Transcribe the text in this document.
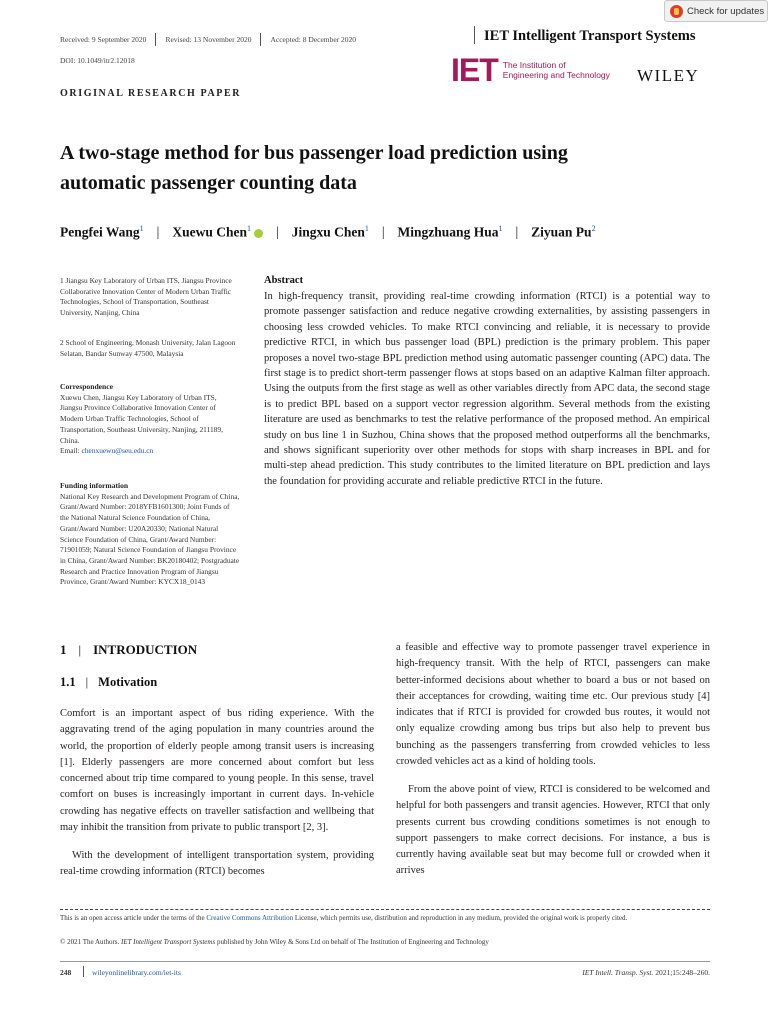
Check for updates
Received: 9 September 2020	Revised: 13 November 2020	Accepted: 8 December 2020
DOI: 10.1049/itr2.12018
IET Intelligent Transport Systems
IET The Institution of
Engineering and Technology WILEY
ORIGINAL RESEARCH PAPER
A two-stage method for bus passenger load prediction using
automatic passenger counting data
Pengfei Wang$^1$ | Xuewu Chen$^1$	| Jingxu Chen$^1$ | Mingzhuang Hua$^1$ | Ziyuan Pu$^2$
1 Jiangsu Key Laboratory of Urban ITS, Jiangsu Province Collaborative Innovation Center of Modern Urban Traffic Technologies, School of Transportation, Southeast University, Nanjing, China
2 School of Engineering, Monash University, Jalan Lagoon Selatan, Bandar Sunway 47500, Malaysia
Correspondence
Xuewu Chen, Jiangsu Key Laboratory of Urban ITS, Jiangsu Province Collaborative Innovation Center of Modern Urban Traffic Technologies, School of Transportation, Southeast University, Nanjing, 211189, China.
Email: chenxuewu@seu.edu.cn
Funding information
National Key Research and Development Program of China, Grant/Award Number: 2018YFB1601300; Joint Funds of the National Natural Science Foundation of China, Grant/Award Number: U20A20330; National Natural Science Foundation of China, Grant/Award Number: 71901059; Natural Science Foundation of Jiangsu Province in China, Grant/Award Number: BK20180402; Postgraduate Research and Practice Innovation Program of Jiangsu Province, Grant/Award Number: KYCX18_0143
Abstract
In high-frequency transit, providing real-time crowding information (RTCI) is a potential way to promote passenger satisfaction and reduce negative crowding externalities, by assisting passengers in choosing less crowded vehicles. To make RTCI convincing and reliable, it is necessary to provide predictive RTCI, in which bus passenger load (BPL) prediction is the primary problem. This paper proposes a novel two-stage BPL prediction method using automatic passenger counting (APC) data. The first stage is to predict short-term passenger flows at stops based on an adaptive Kalman filter approach. Using the outputs from the first stage as well as other variables directly from APC data, the second stage is to predict BPL based on a support vector regression algorithm. Several methods from the existing literature are used as benchmarks to test the relative performance of the proposed method. An empirical study on bus line 1 in Suzhou, China shows that the proposed method outperforms all the benchmarks, and shows significant superiority over other methods for stops with sharp increases in BPL and for multi-step ahead prediction. This study contributes to the limited literature on BPL prediction and lays the foundation for providing accurate and reliable predictive RTCI in the future.
1 | INTRODUCTION
1.1 | Motivation
Comfort is an important aspect of bus riding experience. With the aggravating trend of the aging population in many countries around the world, the proportion of elderly people among transit users is increasing [1]. Elderly passengers are more concerned about comfort but less concerned about trip time compared to young people. In this sense, travel comfort on buses is increasingly important in current days. In-vehicle crowding has negative effects on traveller satisfaction and wellbeing that may inhibit the transition from private to public transport [2, 3].
With the development of intelligent transportation system, providing real-time crowding information (RTCI) becomes
a feasible and effective way to promote passenger travel experience in high-frequency transit. With the help of RTCI, passengers can make better-informed decisions about whether to board a bus or not based on their acceptances for crowding, waiting time etc. Our previous study [4] indicates that if RTCI is provided for crowded bus routes, it would not only equalize crowding among bus trips but also help to prevent bus bunching as the passengers transferring from crowded vehicles to less crowded vehicles act as a kind of holding tools.
From the above point of view, RTCI is considered to be welcomed and helpful for both passengers and transit agencies. However, RTCI that only presents current bus crowding conditions sometimes is not enough to support passengers to make correct decisions. For instance, a bus is currently having available seat but may become full or crowded when it arrives
This is an open access article under the terms of the Creative Commons Attribution License, which permits use, distribution and reproduction in any medium, provided the original work is properly cited.
© 2021 The Authors. IET Intelligent Transport Systems published by John Wiley & Sons Ltd on behalf of The Institution of Engineering and Technology
248	wileyonlinelibrary.com/iet-its	IET Intell. Transp. Syst. 2021;15:248–260.
